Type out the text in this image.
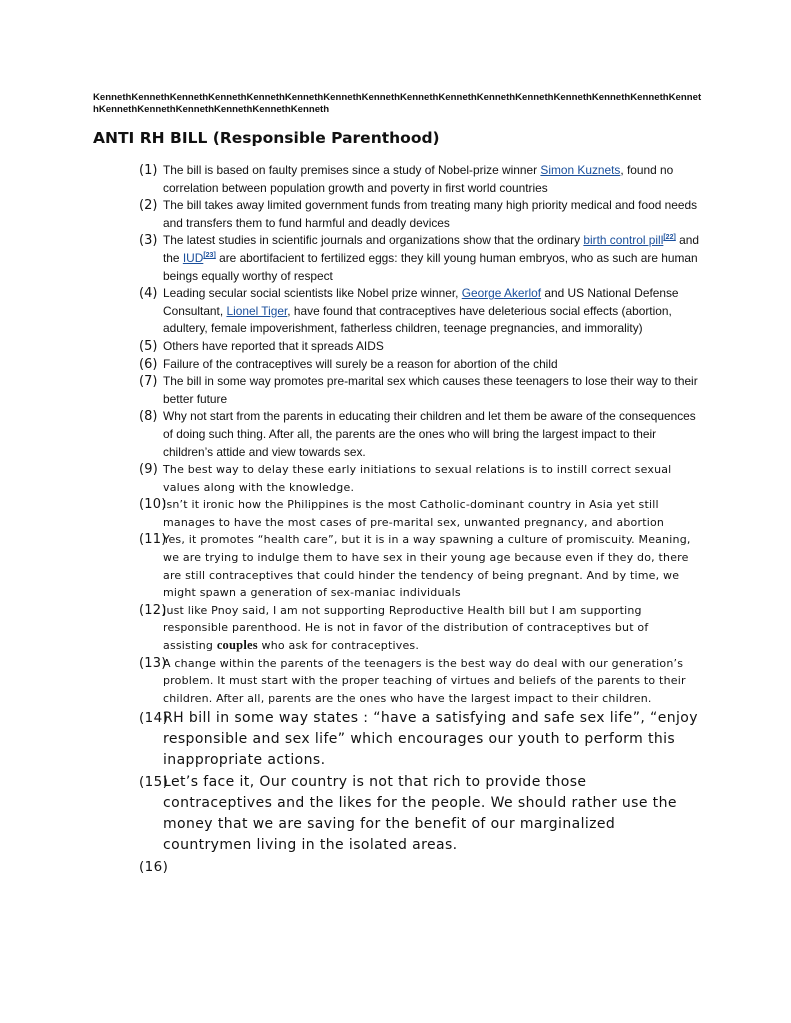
KennethKennethKennethKennethKennethKennethKennethKennethKennethKennethKennethKennethKennethKennethKennethKennethKennethKennethKennethKennethKennethKenneth
ANTI RH BILL (Responsible Parenthood)
(1) The bill is based on faulty premises since a study of Nobel-prize winner Simon Kuznets, found no correlation between population growth and poverty in first world countries
(2) The bill takes away limited government funds from treating many high priority medical and food needs and transfers them to fund harmful and deadly devices
(3) The latest studies in scientific journals and organizations show that the ordinary birth control pill[22] and the IUD[23] are abortifacient to fertilized eggs: they kill young human embryos, who as such are human beings equally worthy of respect
(4) Leading secular social scientists like Nobel prize winner, George Akerlof and US National Defense Consultant, Lionel Tiger, have found that contraceptives have deleterious social effects (abortion, adultery, female impoverishment, fatherless children, teenage pregnancies, and immorality)
(5) Others have reported that it spreads AIDS
(6) Failure of the contraceptives will surely be a reason for abortion of the child
(7) The bill in some way promotes pre-marital sex which causes these teenagers to lose their way to their better future
(8) Why not start from the parents in educating their children and let them be aware of the consequences of doing such thing. After all, the parents are the ones who will bring the largest impact to their children’s attide and view towards sex.
(9) The best way to delay these early initiations to sexual relations is to instill correct sexual values along with the knowledge.
(10)
Isn’t it ironic how the Philippines is the most Catholic-dominant country in Asia yet still manages to have the most cases of pre-marital sex, unwanted pregnancy, and abortion
(11)
Yes, it promotes “health care”, but it is in a way spawning a culture of promiscuity. Meaning, we are trying to indulge them to have sex in their young age because even if they do, there are still contraceptives that could hinder the tendency of being pregnant. And by time, we might spawn a generation of sex-maniac individuals
(12)
Just like Pnoy said, I am not supporting Reproductive Health bill but I am supporting responsible parenthood. He is not in favor of the distribution of contraceptives but of assisting couples who ask for contraceptives.
(13)
A change within the parents of the teenagers is the best way do deal with our generation’s problem. It must start with the proper teaching of virtues and beliefs of the parents to their children. After all, parents are the ones who have the largest impact to their children.
(14)
RH bill in some way states : “have a satisfying and safe sex life”, “enjoy responsible and sex life” which encourages our youth to perform this inappropriate actions.
(15)
Let’s face it, Our country is not that rich to provide those contraceptives and the likes for the people. We should rather use the money that we are saving for the benefit of our marginalized countrymen living in the isolated areas.
(16)
